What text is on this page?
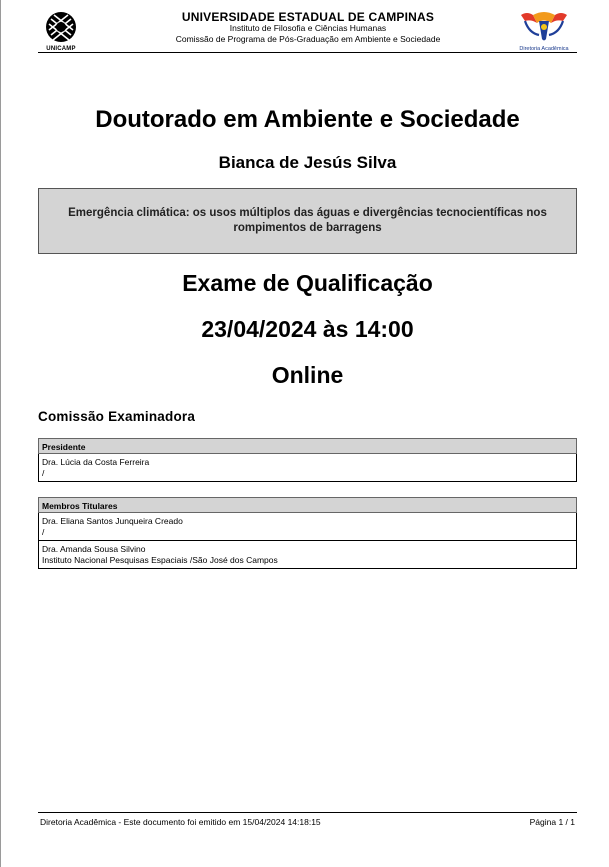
UNICAMP
UNIVERSIDADE ESTADUAL DE CAMPINAS
Instituto de Filosofia e Ciências Humanas
Comissão de Programa de Pós-Graduação em Ambiente e Sociedade
Diretoria Acadêmica
Doutorado em Ambiente e Sociedade
Bianca de Jesús Silva
Emergência climática: os usos múltiplos das águas e divergências tecnocientíficas nos rompimentos de barragens
Exame de Qualificação
23/04/2024 às 14:00
Online
Comissão Examinadora
Presidente
Dra. Lúcia da Costa Ferreira
/
Membros Titulares
Dra. Eliana Santos Junqueira Creado
/
Dra. Amanda Sousa Silvino
Instituto Nacional Pesquisas Espaciais /São José dos Campos
Diretoria Acadêmica - Este documento foi emitido em 15/04/2024 14:18:15	Página 1 / 1
